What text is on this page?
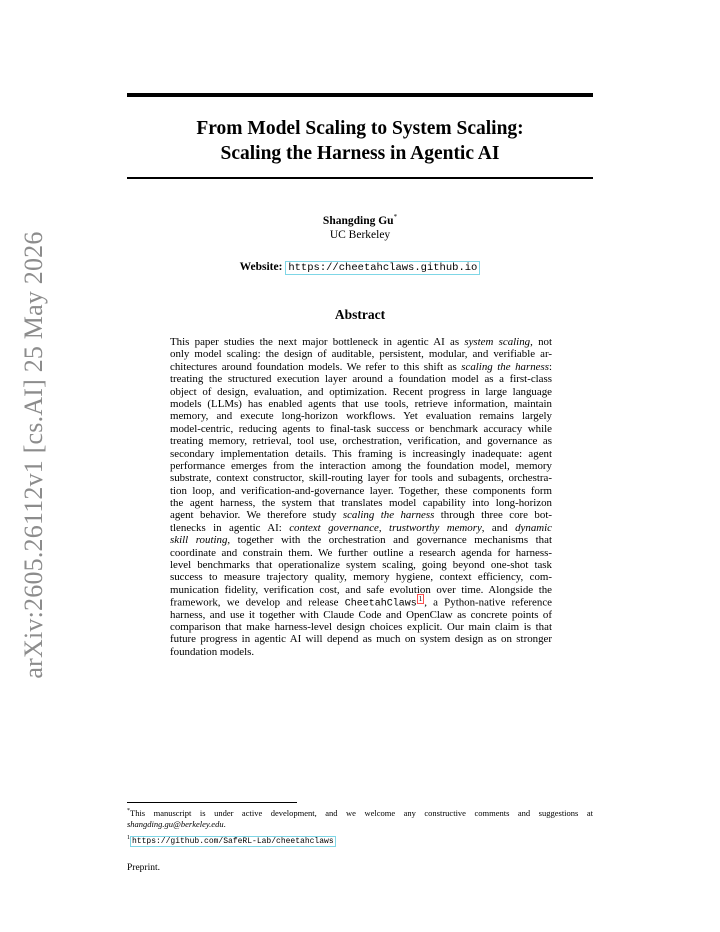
arXiv:2605.26112v1 [cs.AI] 25 May 2026
From Model Scaling to System Scaling:
Scaling the Harness in Agentic AI
Shangding Gu*
UC Berkeley
Website: https://cheetahclaws.github.io
Abstract
This paper studies the next major bottleneck in agentic AI as system scaling, not
only model scaling: the design of auditable, persistent, modular, and verifiable ar-
chitectures around foundation models. We refer to this shift as scaling the harness:
treating the structured execution layer around a foundation model as a first-class
object of design, evaluation, and optimization. Recent progress in large language
models (LLMs) has enabled agents that use tools, retrieve information, maintain
memory, and execute long-horizon workflows. Yet evaluation remains largely
model-centric, reducing agents to final-task success or benchmark accuracy while
treating memory, retrieval, tool use, orchestration, verification, and governance as
secondary implementation details. This framing is increasingly inadequate: agent
performance emerges from the interaction among the foundation model, memory
substrate, context constructor, skill-routing layer for tools and subagents, orchestra-
tion loop, and verification-and-governance layer. Together, these components form
the agent harness, the system that translates model capability into long-horizon
agent behavior. We therefore study scaling the harness through three core bot-
tlenecks in agentic AI: context governance, trustworthy memory, and dynamic
skill routing, together with the orchestration and governance mechanisms that
coordinate and constrain them. We further outline a research agenda for harness-
level benchmarks that operationalize system scaling, going beyond one-shot task
success to measure trajectory quality, memory hygiene, context efficiency, com-
munication fidelity, verification cost, and safe evolution over time. Alongside the
framework, we develop and release CheetahClaws $^1$ , a Python-native reference
harness, and use it together with Claude Code and OpenClaw as concrete points of
comparison that make harness-level design choices explicit. Our main claim is that
future progress in agentic AI will depend as much on system design as on stronger
foundation models.
*This manuscript is under active development, and we welcome any constructive comments and suggestions at shangding.gu@berkeley.edu.
$^1$ https://github.com/SafeRL-Lab/cheetahclaws
Preprint.
